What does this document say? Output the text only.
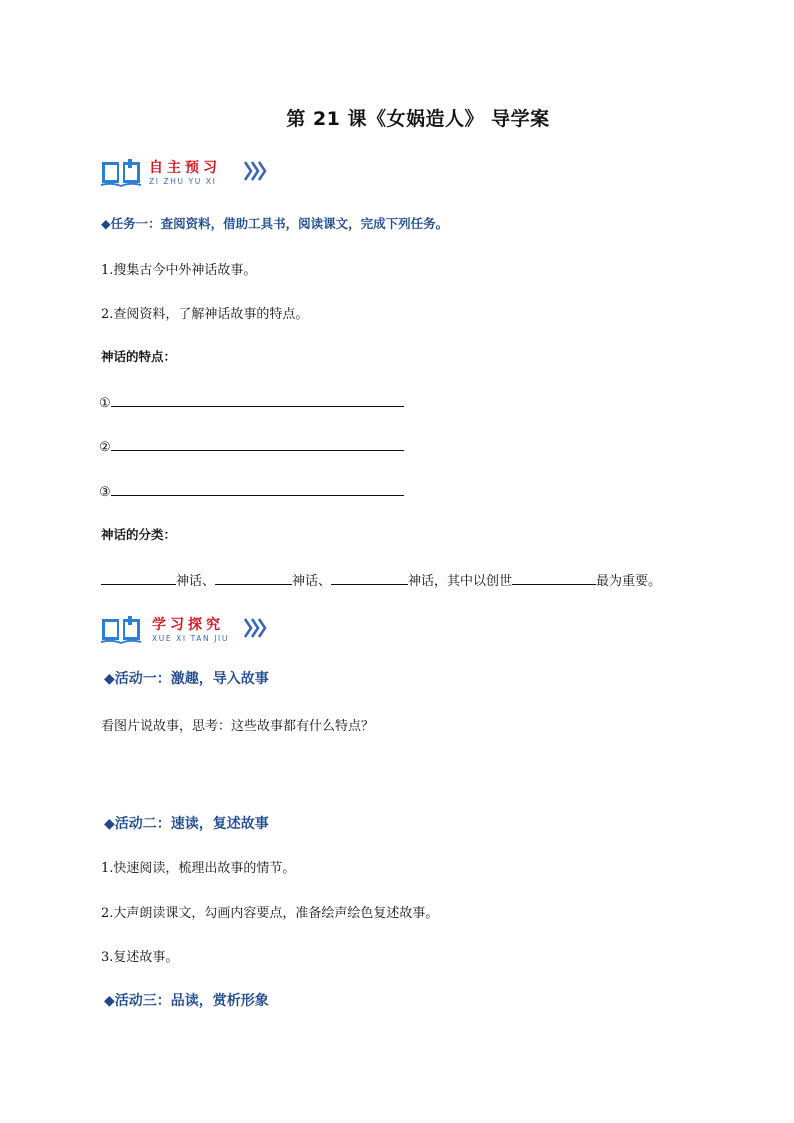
第 21 课《女娲造人》 导学案
自主预习
ZI ZHU YU XI
◆任务一：查阅资料，借助工具书，阅读课文，完成下列任务。
1.搜集古今中外神话故事。
2.查阅资料，了解神话故事的特点。
神话的特点：
①
②
③
神话的分类：
神话、	神话、	神话，其中以创世	最为重要。
学习探究
XUE XI TAN JIU
◆活动一：激趣，导入故事
看图片说故事，思考：这些故事都有什么特点？
◆活动二：速读，复述故事
1.快速阅读，梳理出故事的情节。
2.大声朗读课文，勾画内容要点，准备绘声绘色复述故事。
3.复述故事。
◆活动三：品读，赏析形象
